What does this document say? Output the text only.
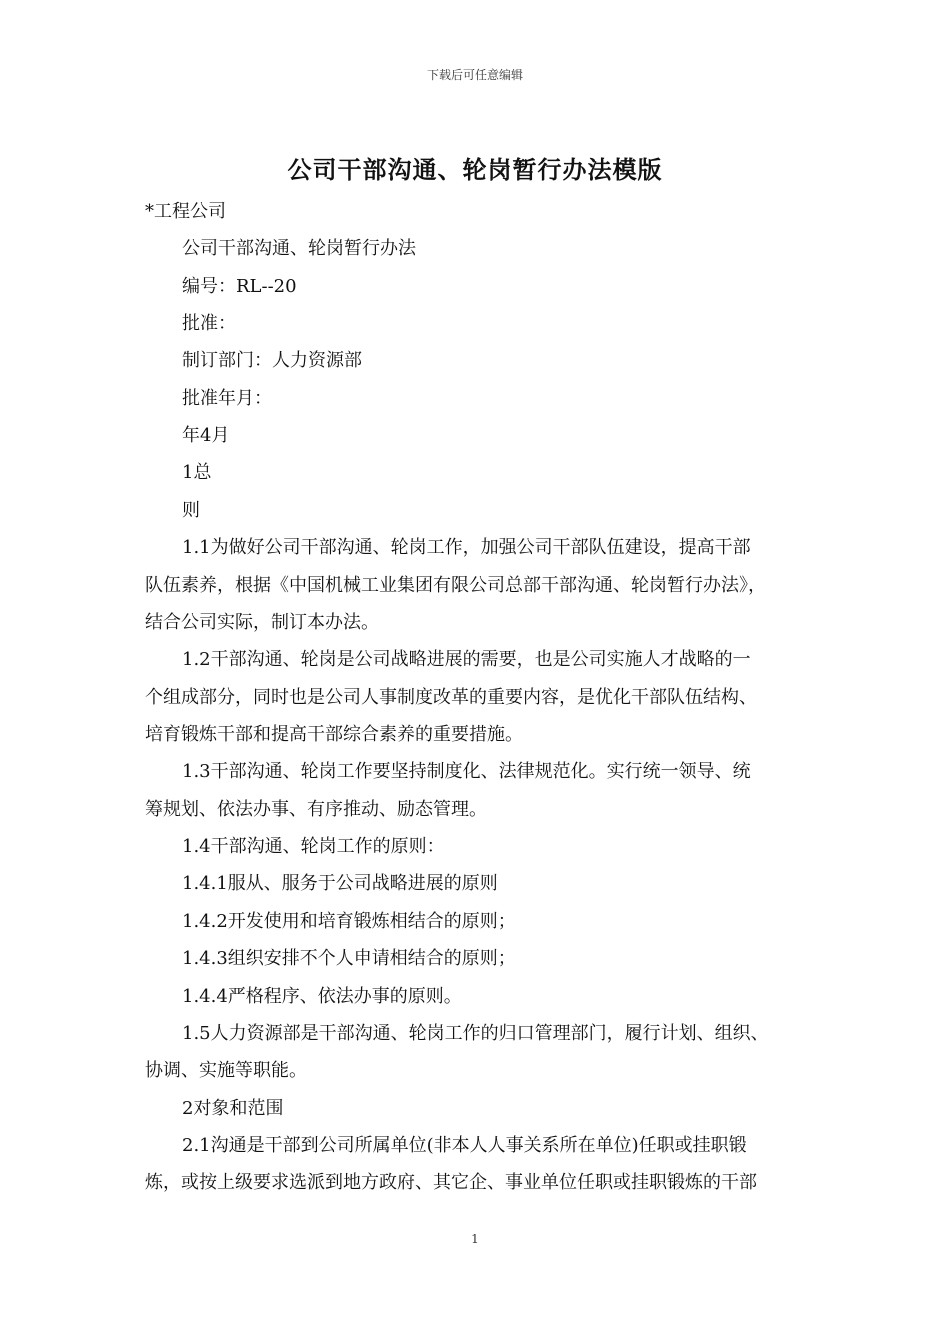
下载后可任意编辑
公司干部沟通、轮岗暂行办法模版
*工程公司
公司干部沟通、轮岗暂行办法
编号：RL--20
批准：
制订部门：人力资源部
批准年月：
年4月
1总
则
1.1为做好公司干部沟通、轮岗工作，加强公司干部队伍建设，提高干部
队伍素养，根据《中国机械工业集团有限公司总部干部沟通、轮岗暂行办法》，
结合公司实际，制订本办法。
1.2干部沟通、轮岗是公司战略进展的需要，也是公司实施人才战略的一
个组成部分，同时也是公司人事制度改革的重要内容，是优化干部队伍结构、
培育锻炼干部和提高干部综合素养的重要措施。
1.3干部沟通、轮岗工作要坚持制度化、法律规范化。实行统一领导、统
筹规划、依法办事、有序推动、励态管理。
1.4干部沟通、轮岗工作的原则：
1.4.1服从、服务于公司战略进展的原则
1.4.2开发使用和培育锻炼相结合的原则；
1.4.3组织安排不个人申请相结合的原则；
1.4.4严格程序、依法办事的原则。
1.5人力资源部是干部沟通、轮岗工作的归口管理部门，履行计划、组织、
协调、实施等职能。
2对象和范围
2.1沟通是干部到公司所属单位(非本人人事关系所在单位)任职或挂职锻
炼，或按上级要求选派到地方政府、其它企、事业单位任职或挂职锻炼的干部
1
